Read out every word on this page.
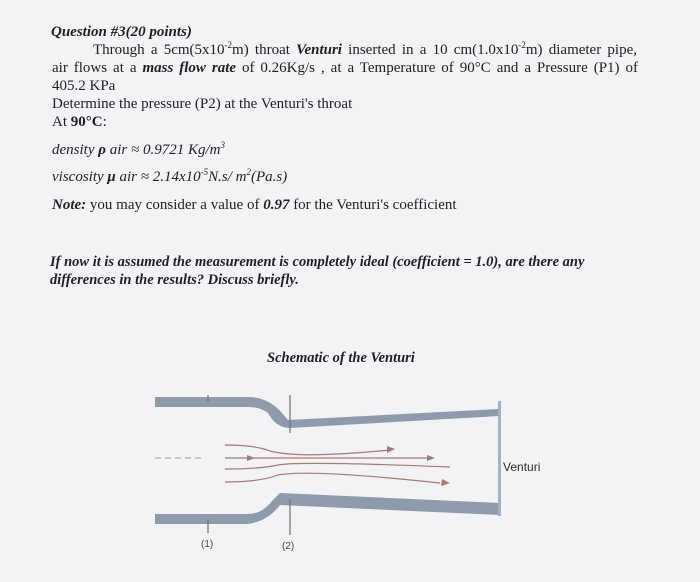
Question #3(20 points)
Through a $5cm(5x10^{-2}m)$ throat Venturi inserted in a 10 $cm(1.0x10^{-2}m)$ diameter pipe,
air flows at a mass flow rate of 0.26Kg/s , at a Temperature of 90°C and a Pressure (P1) of
405.2 KPa
Determine the pressure (P2) at the Venturi's throat
At 90°C:
density ρ air ≈ 0.9721 $Kg/m^3$
viscosity μ air ≈ $2.14x10^{-5}N.s/$ $m^2(Pa.s)$
Note: you may consider a value of 0.97 for the Venturi's coefficient
If now it is assumed the measurement is completely ideal (coefficient = 1.0), are there any
differences in the results? Discuss briefly.
Schematic of the Venturi
Venturi
(1)	(2)
